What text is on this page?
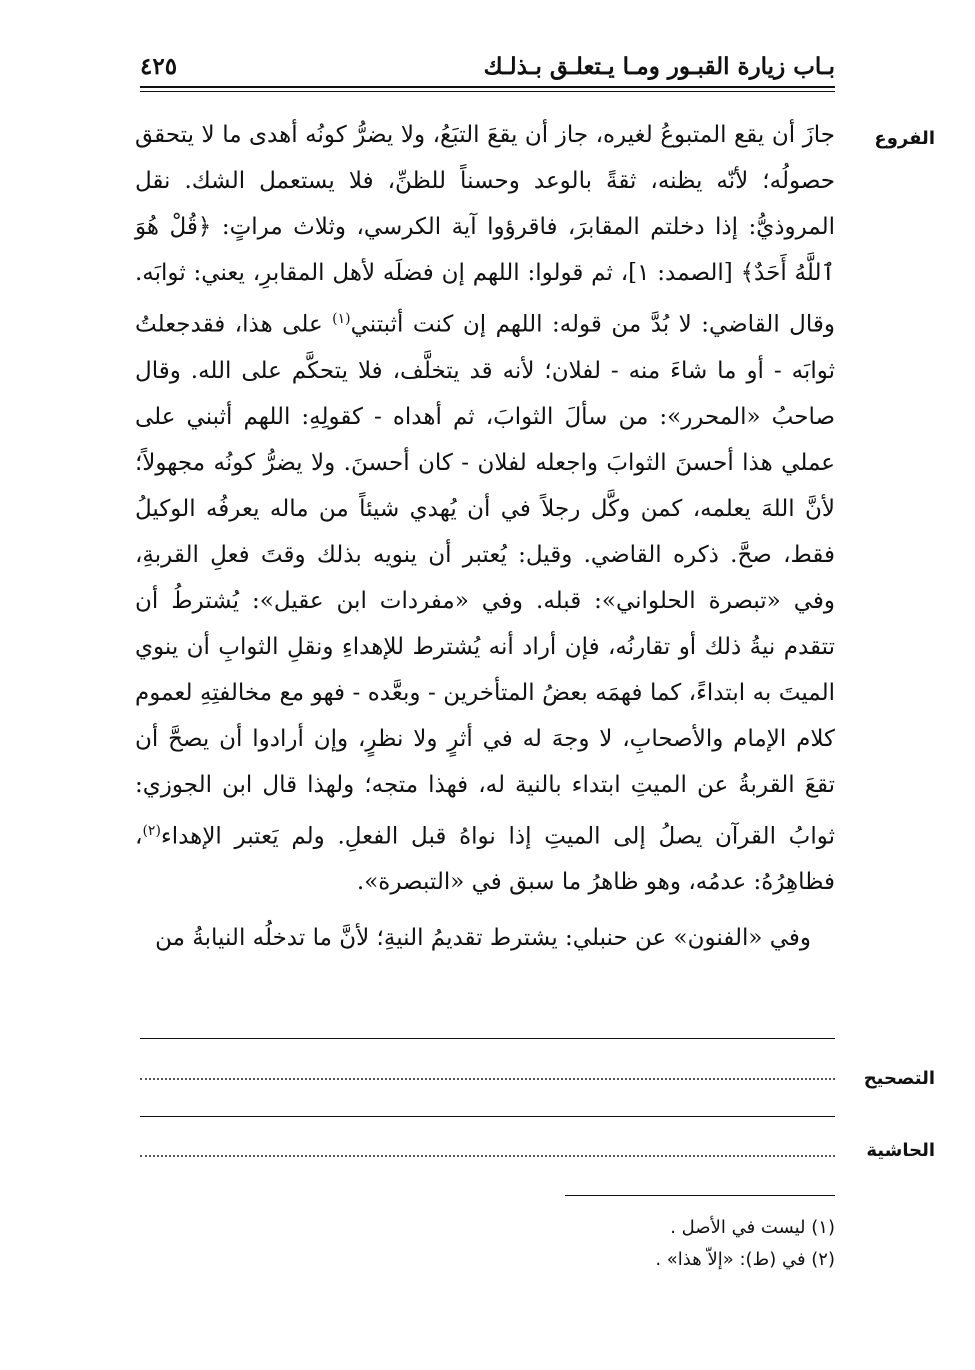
بـاب زيارة القبـور ومـا يـتعلـق بـذلـك
٤٢٥
الفروع

جازَ أن يقع المتبوعُ لغيره، جاز أن يقعَ التبَعُ، ولا يضرُّ كونُه أهدى ما لا يتحقق حصولُه؛ لأنّه يظنه، ثقةً بالوعد وحسناً للظنِّ، فلا يستعمل الشك. نقل المروذيُّ: إذا دخلتم المقابرَ، فاقرؤوا آية الكرسي، وثلاث مراتٍ: ﴿قُلْ هُوَ ٱللَّهُ أَحَدٌ﴾ [الصمد: ١]، ثم قولوا: اللهم إن فضلَه لأهل المقابرِ، يعني: ثوابَه. وقال القاضي: لا بُدَّ من قوله: اللهم إن كنت أثبتني$^{(١)}$ على هذا، فقدجعلتُ ثوابَه - أو ما شاءَ منه - لفلان؛ لأنه قد يتخلَّف، فلا يتحكَّم على الله. وقال صاحبُ «المحرر»: من سألَ الثوابَ، ثم أهداه - كقولِهِ: اللهم أثبني على عملي هذا أحسنَ الثوابَ واجعله لفلان - كان أحسنَ. ولا يضرُّ كونُه مجهولاً؛ لأنَّ اللهَ يعلمه، كمن وكَّل رجلاً في أن يُهدي شيئاً من ماله يعرفُه الوكيلُ فقط، صحَّ. ذكره القاضي. وقيل: يُعتبر أن ينويه بذلك وقتَ فعلِ القربةِ، وفي «تبصرة الحلواني»: قبله. وفي «مفردات ابن عقيل»: يُشترطُ أن تتقدم نيةُ ذلك أو تقارنُه، فإن أراد أنه يُشترط للإهداءِ ونقلِ الثوابِ أن ينوي الميتَ به ابتداءً، كما فهمَه بعضُ المتأخرين - وبعَّده - فهو مع مخالفتِهِ لعموم كلام الإمام والأصحابِ، لا وجهَ له في أثرٍ ولا نظرٍ، وإن أرادوا أن يصحَّ أن تقعَ القربةُ عن الميتِ ابتداء بالنية له، فهذا متجه؛ ولهذا قال ابن الجوزي: ثوابُ القرآن يصلُ إلى الميتِ إذا نواهُ قبل الفعلِ. ولم يَعتبر الإهداء$^{(٢)}$، فظاهِرُهُ: عدمُه، وهو ظاهرُ ما سبق في «التبصرة».

وفي «الفنون» عن حنبلي: يشترط تقديمُ النيةِ؛ لأنَّ ما تدخلُه النيابةُ من

التصحيح
الحاشية
(١) ليست في الأصل .
(٢) في (ط): «إلاّ هذا» .
